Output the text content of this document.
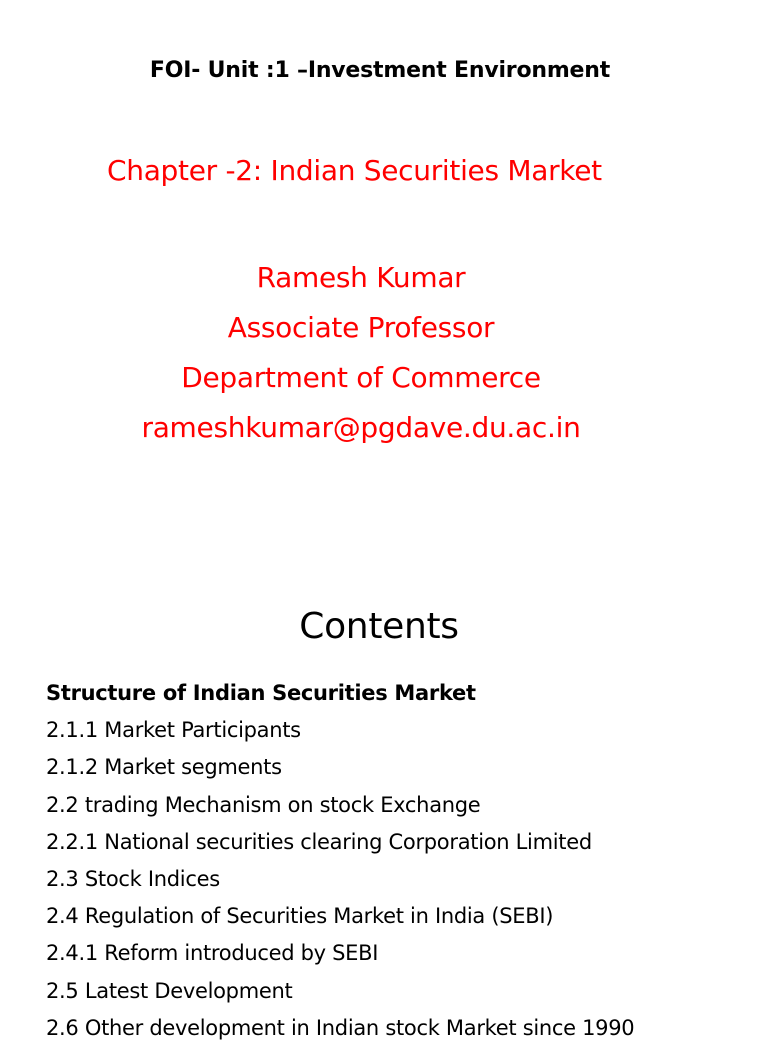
FOI- Unit :1 –Investment Environment
Chapter -2: Indian Securities Market
Ramesh Kumar
Associate Professor
Department of Commerce
rameshkumar@pgdave.du.ac.in
Contents
Structure of Indian Securities Market
2.1.1 Market Participants
2.1.2 Market segments
2.2 trading Mechanism on stock Exchange
2.2.1 National securities clearing Corporation Limited
2.3 Stock Indices
2.4 Regulation of Securities Market in India (SEBI)
2.4.1 Reform introduced by SEBI
2.5 Latest Development
2.6 Other development in Indian stock Market since 1990
